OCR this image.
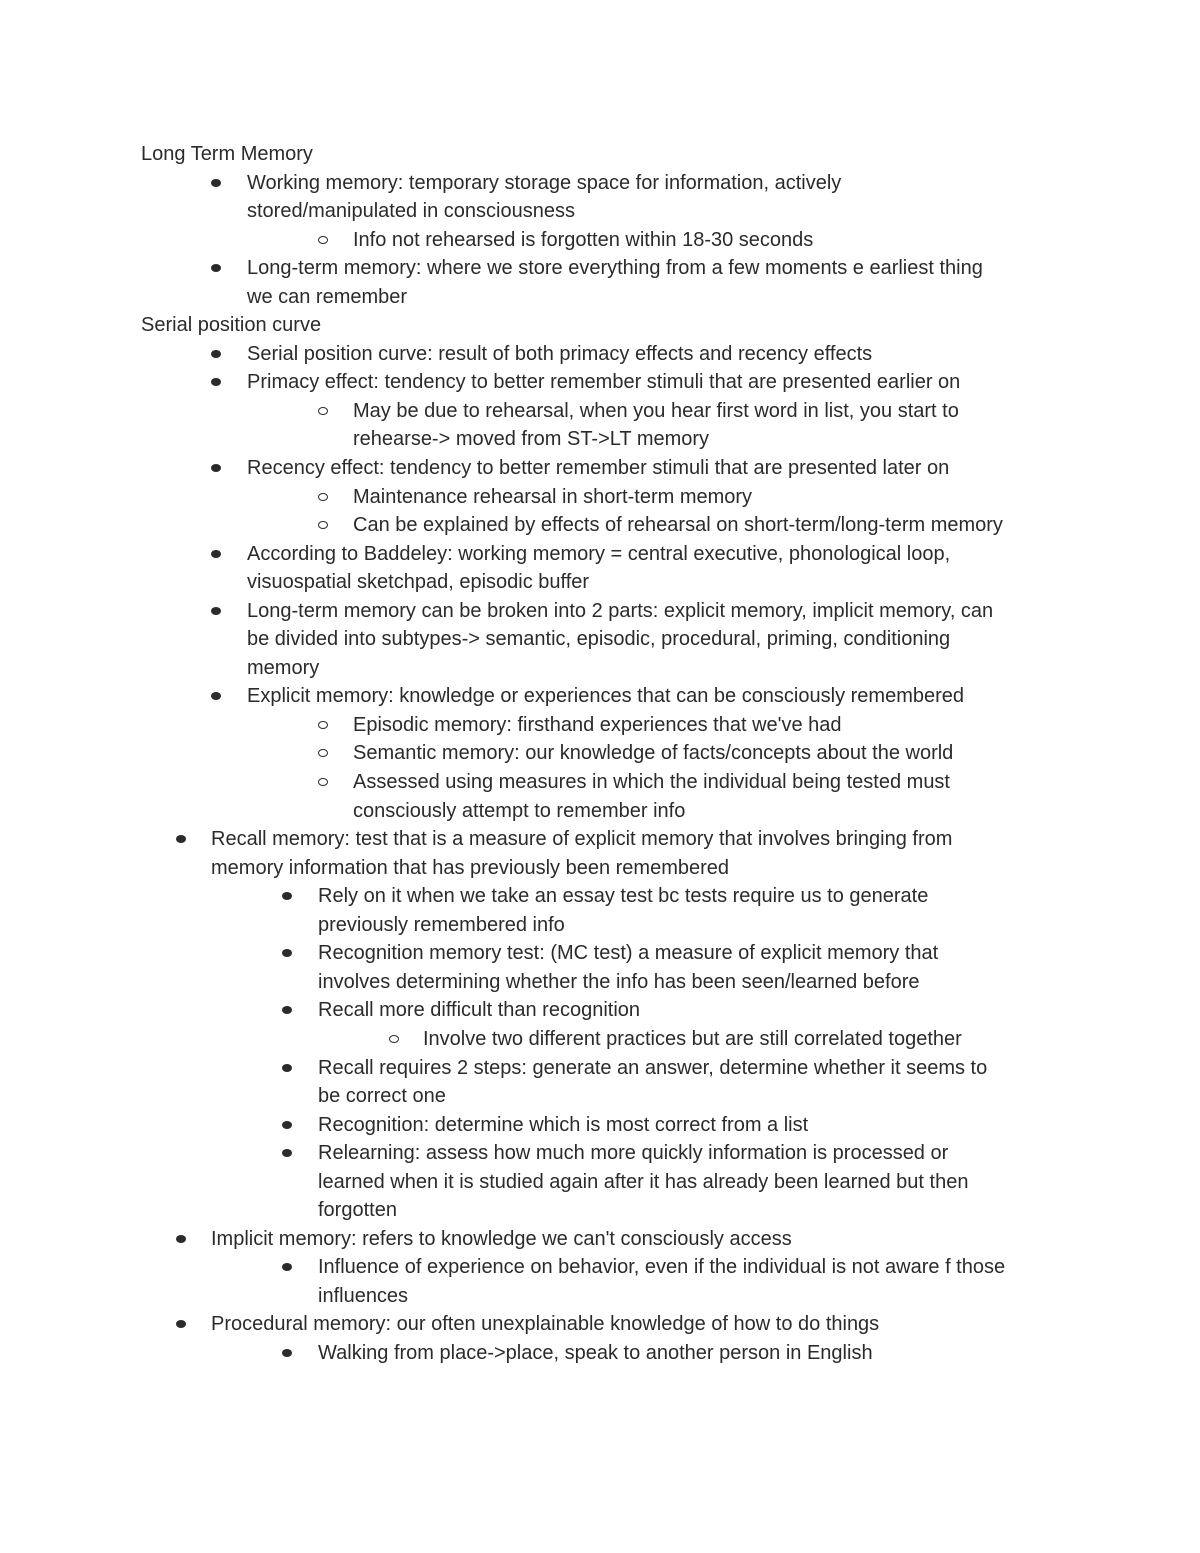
Long Term Memory
Working memory: temporary storage space for information, actively
stored/manipulated in consciousness
Info not rehearsed is forgotten within 18-30 seconds
Long-term memory: where we store everything from a few moments e earliest thing
we can remember
Serial position curve
Serial position curve: result of both primacy effects and recency effects
Primacy effect: tendency to better remember stimuli that are presented earlier on
May be due to rehearsal, when you hear first word in list, you start to
rehearse-> moved from ST->LT memory
Recency effect: tendency to better remember stimuli that are presented later on
Maintenance rehearsal in short-term memory
Can be explained by effects of rehearsal on short-term/long-term memory
According to Baddeley: working memory = central executive, phonological loop,
visuospatial sketchpad, episodic buffer
Long-term memory can be broken into 2 parts: explicit memory, implicit memory, can
be divided into subtypes-> semantic, episodic, procedural, priming, conditioning
memory
Explicit memory: knowledge or experiences that can be consciously remembered
Episodic memory: firsthand experiences that we've had
Semantic memory: our knowledge of facts/concepts about the world
Assessed using measures in which the individual being tested must
consciously attempt to remember info
Recall memory: test that is a measure of explicit memory that involves bringing from
memory information that has previously been remembered
Rely on it when we take an essay test bc tests require us to generate
previously remembered info
Recognition memory test: (MC test) a measure of explicit memory that
involves determining whether the info has been seen/learned before
Recall more difficult than recognition
Involve two different practices but are still correlated together
Recall requires 2 steps: generate an answer, determine whether it seems to
be correct one
Recognition: determine which is most correct from a list
Relearning: assess how much more quickly information is processed or
learned when it is studied again after it has already been learned but then
forgotten
Implicit memory: refers to knowledge we can't consciously access
Influence of experience on behavior, even if the individual is not aware f those
influences
Procedural memory: our often unexplainable knowledge of how to do things
Walking from place->place, speak to another person in English
